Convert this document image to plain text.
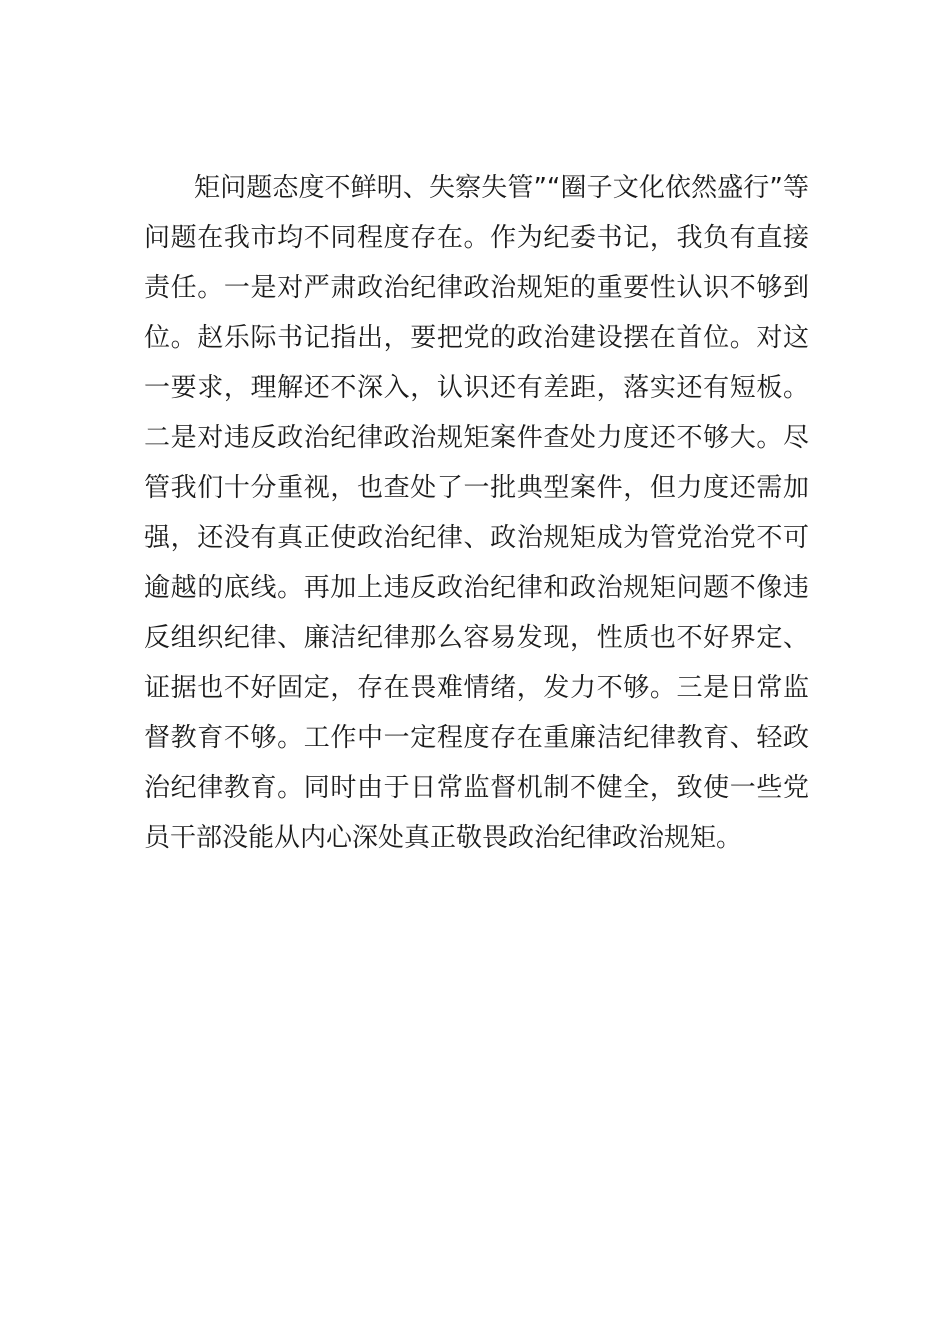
矩问题态度不鲜明、失察失管”“圈子文化依然盛行”等
问题在我市均不同程度存在。作为纪委书记，我负有直接
责任。一是对严肃政治纪律政治规矩的重要性认识不够到
位。赵乐际书记指出，要把党的政治建设摆在首位。对这
一要求，理解还不深入，认识还有差距，落实还有短板。
二是对违反政治纪律政治规矩案件查处力度还不够大。尽
管我们十分重视，也查处了一批典型案件，但力度还需加
强，还没有真正使政治纪律、政治规矩成为管党治党不可
逾越的底线。再加上违反政治纪律和政治规矩问题不像违
反组织纪律、廉洁纪律那么容易发现，性质也不好界定、
证据也不好固定，存在畏难情绪，发力不够。三是日常监
督教育不够。工作中一定程度存在重廉洁纪律教育、轻政
治纪律教育。同时由于日常监督机制不健全，致使一些党
员干部没能从内心深处真正敬畏政治纪律政治规矩。
